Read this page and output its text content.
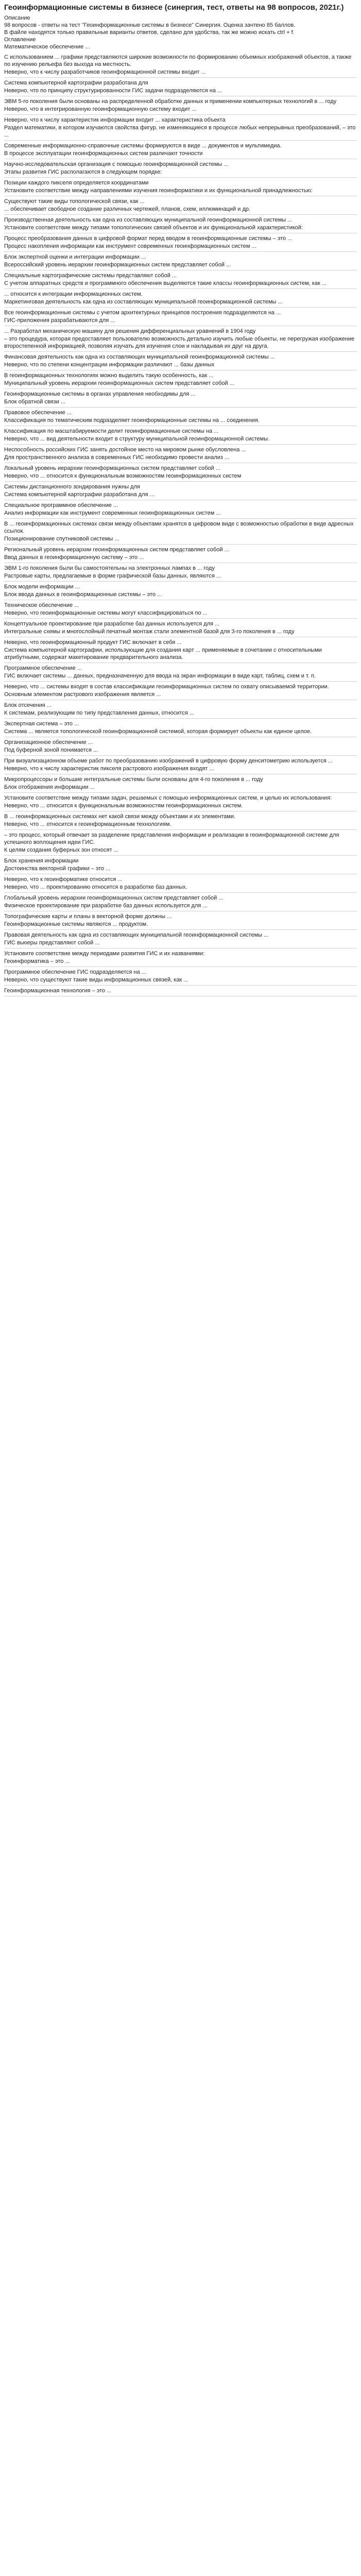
Геоинформационные системы в бизнесе (синергия, тест, ответы на 98 вопросов, 2021г.)
Описание
98 вопросов - ответы на тест "Геоинформационные системы в бизнесе" Синергия. Оценка зачтено 85 баллов.
В файле находятся только правильные варианты ответов, сделано для удобства, так же можно искать ctrl + f.
Оглавление
Математическое обеспечение ...
С использованием ... графики представляются широкие возможности по формированию объемных изображений объектов, а также по изучению рельефа без выхода на местность.
Неверно, что к числу разработчиков геоинформационной системы входит ...
Система компьютерной картографии разработана для
Неверно, что по принципу структурированности ГИС задачи подразделяются на ...
ЭВМ 5-го поколения были основаны на распределенной обработке данных и применении компьютерных технологий в ... году
Неверно, что в интегрированную геоинформационную систему входит ...
Неверно, что к числу характеристик информации входит ... характеристика объекта
Раздел математики, в котором изучаются свойства фигур, не изменяющиеся в процессе любых непрерывных преобразований, – это ...
Современные информационно-справочные системы формируются в виде ... документов и мультимедиа.
В процессе эксплуатации геоинформационных систем различают точности
Научно-исследовательская организация с помощью геоинформационной системы ...
Этапы развития ГИС располагаются в следующем порядке:
Позиции каждого пикселя определяется координатами
Установите соответствие между направлениями изучения геоинформатики и их функциональной принадлежностью:
Существуют такие виды топологической связи, как ...
... обеспечивает свободное создание различных чертежей, планов, схем, иллюминаций и др.
Производственная деятельность как одна из составляющих муниципальной геоинформационной системы ...
Установите соответствие между типами топологических связей объектов и их функциональной характеристикой:
Процесс преобразования данных в цифровой формат перед вводом в геоинформационные системы – это ...
Процесс накопления информации как инструмент современных геоинформационных систем ...
Блок экспертной оценки и интеграции информации ...
Всероссийский уровень иерархии геоинформационных систем представляет собой ...
Специальные картографические системы представляют собой ...
С учетом аппаратных средств и программного обеспечения выделяются такие классы геоинформационных систем, как ...
... относится к интеграции информационных систем.
Маркетинговая деятельность как одна из составляющих муниципальной геоинформационной системы ...
Все геоинформационные системы с учетом архитектурных принципов построения подразделяются на ...
ГИС-приложения разрабатываются для ...
... Разработал механическую машину для решения дифференциальных уравнений в 1904 году
– это процедура, которая предоставляет пользователю возможность детально изучить любые объекты, не перегружая изображение второстепенной информацией, позволяя изучать для изучения слои и накладывая их друг на друга.
Финансовая деятельность как одна из составляющих муниципальной геоинформационной системы ...
Неверно, что по степени концентрации информации различают ... базы данных
В геоинформационных технологиях можно выделить такую особенность, как ...
Муниципальный уровень иерархии геоинформационных систем представляет собой ...
Геоинформационные системы в органах управления необходимы для ...
Блок обратной связи ...
Правовое обеспечение ...
Классификация по тематическим подразделяет геоинформационные системы на ... соединения.
Классификация по масштабируемости делит геоинформационные системы на ...
Неверно, что ... вид деятельности входит в структуру муниципальной геоинформационной системы.
Неспособность российских ГИС занять достойное место на мировом рынке обусловлена ...
Для пространственного анализа в современных ГИС необходимо провести анализ ...
Локальный уровень иерархии геоинформационных систем представляет собой ...
Неверно, что ... относится к функциональным возможностям геоинформационных систем
Системы дистанционного зондирования нужны для
Система компьютерной картографии разработана для ...
Специальное программное обеспечение ...
Анализ информации как инструмент современных геоинформационных систем ...
В ... геоинформационных системах связи между объектами хранятся в цифровом виде с возможностью обработки в виде адресных ссылок.
Позиционирование спутниковой системы ...
Региональный уровень иерархии геоинформационных систем представляет собой ...
Ввод данных в геоинформационную систему – это ...
ЭВМ 1-го поколения были бы самостоятельны на электронных лампах в ... году
Растровые карты, предлагаемые в форме графической базы данных, являются ...
Блок модели информации ...
Блок ввода данных в геоинформационные системы – это ...
Техническое обеспечение ...
Неверно, что геоинформационные системы могут классифицироваться по ...
Концептуальное проектирование при разработке баз данных используется для ...
Интегральные схемы и многослойный печатный монтаж стали элементной базой для 3-го поколения в ... году
Неверно, что геоинформационный продукт ГИС включает в себя ...
Система компьютерной картографии, использующие для создания карт ... применяемые в сочетании с относительными атрибутными, содержат макетирование предварительного анализа.
Программное обеспечение ...
ГИС включает системы ... данных, предназначенную для ввода на экран информации в виде карт, таблиц, схем и т. п.
Неверно, что ... системы входят в состав классификации геоинформационных систем по охвату описываемой территории.
Основным элементом растрового изображения является ...
Блок отсечения ...
К системам, реализующим по типу представления данных, относится ...
Экспертная система – это ...
Система ... является топологической геоинформационной системой, которая формирует объекты как единое целое.
Организационное обеспечение ...
Под буферной зоной понимается ...
При визуализационном объеме работ по преобразованию изображений в цифровую форму денситометрию используется ...
Неверно, что к числу характеристик пикселя растрового изображения входят ...
Микропроцессоры и большие интегральные системы были основаны для 4-го поколения в ... году
Блок отображения информации ...
Установите соответствие между типами задач, решаемых с помощью информационных систем, и целью их использования:
Неверно, что ... относится к функциональным возможностям геоинформационных систем.
В ... геоинформационных системах нет какой связи между объектами и их элементами.
Неверно, что ... относится к геоинформационным технологиям.
– это процесс, который отвечает за разделение представления информации и реализации в геоинформационной системе для успешного воплощения идеи ГИС.
К целям создания буферных зон относят ...
Блок хранения информации
Достоинства векторной графики – это ...
Неверно, что к геоинформатике относится ...
Неверно, что ... проектированию относится в разработке баз данных.
Глобальный уровень иерархии геоинформационных систем представляет собой ...
Физическое проектирование при разработке баз данных используется для ...
Топографические карты и планы в векторной форме должны ...
Геоинформационные системы являются ... продуктом.
Правовая деятельность как одна из составляющих муниципальной геоинформационной системы ...
ГИС вьюеры представляют собой ...
Установите соответствие между периодами развития ГИС и их названиями:
Геоинформатика – это ...
Программное обеспечение ГИС подразделяется на ...
Неверно, что существуют такие виды информационных связей, как ...
Геоинформационная технология – это ...
